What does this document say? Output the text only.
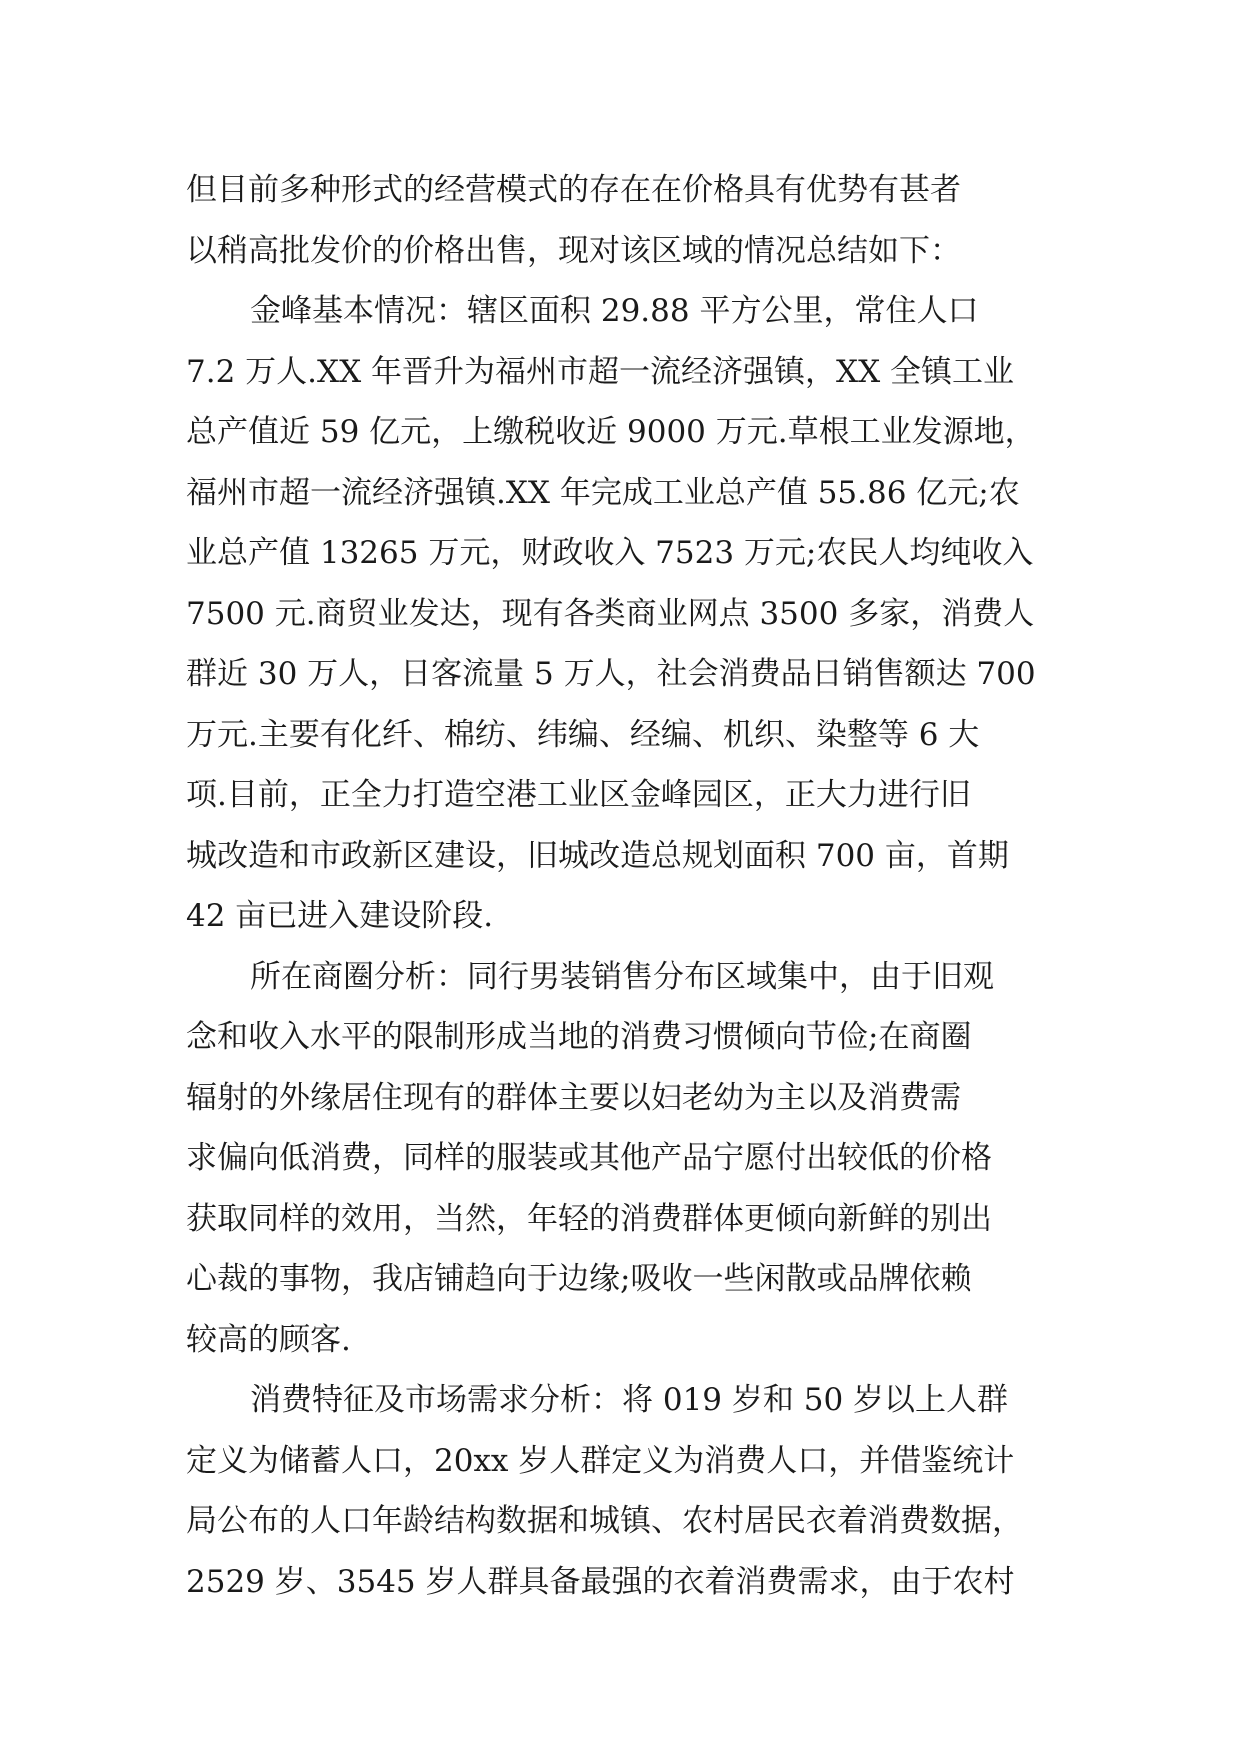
但目前多种形式的经营模式的存在在价格具有优势有甚者
以稍高批发价的价格出售，现对该区域的情况总结如下：
金峰基本情况：辖区面积 29.88 平方公里，常住人口
7.2 万人.XX 年晋升为福州市超一流经济强镇，XX 全镇工业
总产值近 59 亿元，上缴税收近 9000 万元.草根工业发源地，
福州市超一流经济强镇.XX 年完成工业总产值 55.86 亿元;农
业总产值 13265 万元，财政收入 7523 万元;农民人均纯收入
7500 元.商贸业发达，现有各类商业网点 3500 多家，消费人
群近 30 万人，日客流量 5 万人，社会消费品日销售额达 700
万元.主要有化纤、棉纺、纬编、经编、机织、染整等 6 大
项.目前，正全力打造空港工业区金峰园区，正大力进行旧
城改造和市政新区建设，旧城改造总规划面积 700 亩，首期
42 亩已进入建设阶段.
所在商圈分析：同行男装销售分布区域集中，由于旧观
念和收入水平的限制形成当地的消费习惯倾向节俭;在商圈
辐射的外缘居住现有的群体主要以妇老幼为主以及消费需
求偏向低消费，同样的服装或其他产品宁愿付出较低的价格
获取同样的效用，当然，年轻的消费群体更倾向新鲜的别出
心裁的事物，我店铺趋向于边缘;吸收一些闲散或品牌依赖
较高的顾客.
消费特征及市场需求分析：将 019 岁和 50 岁以上人群
定义为储蓄人口，20xx 岁人群定义为消费人口，并借鉴统计
局公布的人口年龄结构数据和城镇、农村居民衣着消费数据，
2529 岁、3545 岁人群具备最强的衣着消费需求，由于农村
